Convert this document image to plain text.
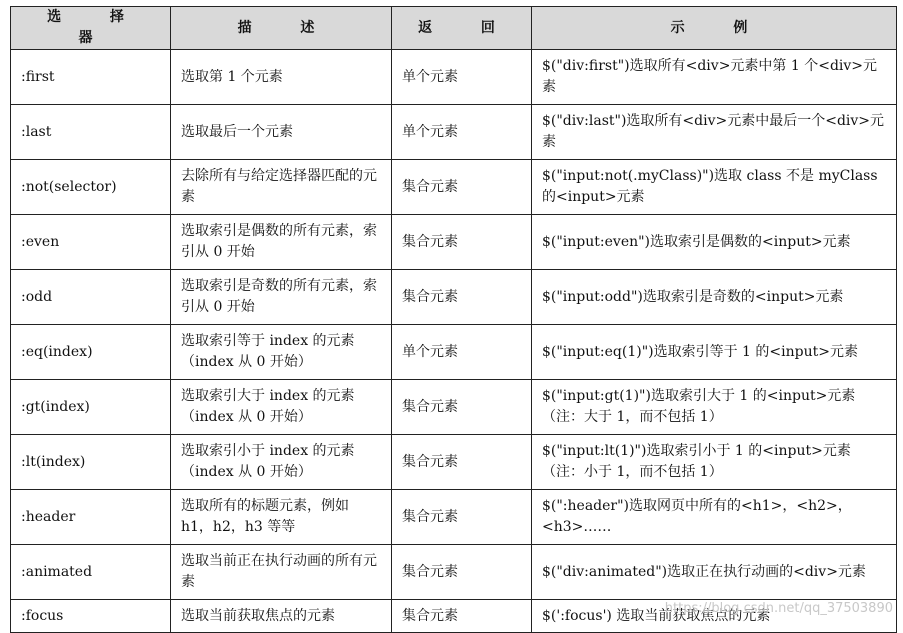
选 择 器	描 述	返 回	示 例
:first	选取第 1 个元素	单个元素	$("div:first")选取所有<div>元素中第 1 个<div>元素
:last	选取最后一个元素	单个元素	$("div:last")选取所有<div>元素中最后一个<div>元素
:not(selector)	去除所有与给定选择器匹配的元素	集合元素	$("input:not(.myClass)")选取 class 不是 myClass 的<input>元素
:even	选取索引是偶数的所有元素，索引从 0 开始	集合元素	$("input:even")选取索引是偶数的<input>元素
:odd	选取索引是奇数的所有元素，索引从 0 开始	集合元素	$("input:odd")选取索引是奇数的<input>元素
:eq(index)	选取索引等于 index 的元素（index 从 0 开始）	单个元素	$("input:eq(1)")选取索引等于 1 的<input>元素
:gt(index)	选取索引大于 index 的元素（index 从 0 开始）	集合元素	$("input:gt(1)")选取索引大于 1 的<input>元素（注：大于 1，而不包括 1）
:lt(index)	选取索引小于 index 的元素（index 从 0 开始）	集合元素	$("input:lt(1)")选取索引小于 1 的<input>元素（注：小于 1，而不包括 1）
:header	选取所有的标题元素，例如 h1，h2，h3 等等	集合元素	$(":header")选取网页中所有的<h1>，<h2>，<h3>……
:animated	选取当前正在执行动画的所有元素	集合元素	$("div:animated")选取正在执行动画的<div>元素
:focus	选取当前获取焦点的元素	集合元素	$(':focus') 选取当前获取焦点的元素
https://blog.csdn.net/qq_37503890
